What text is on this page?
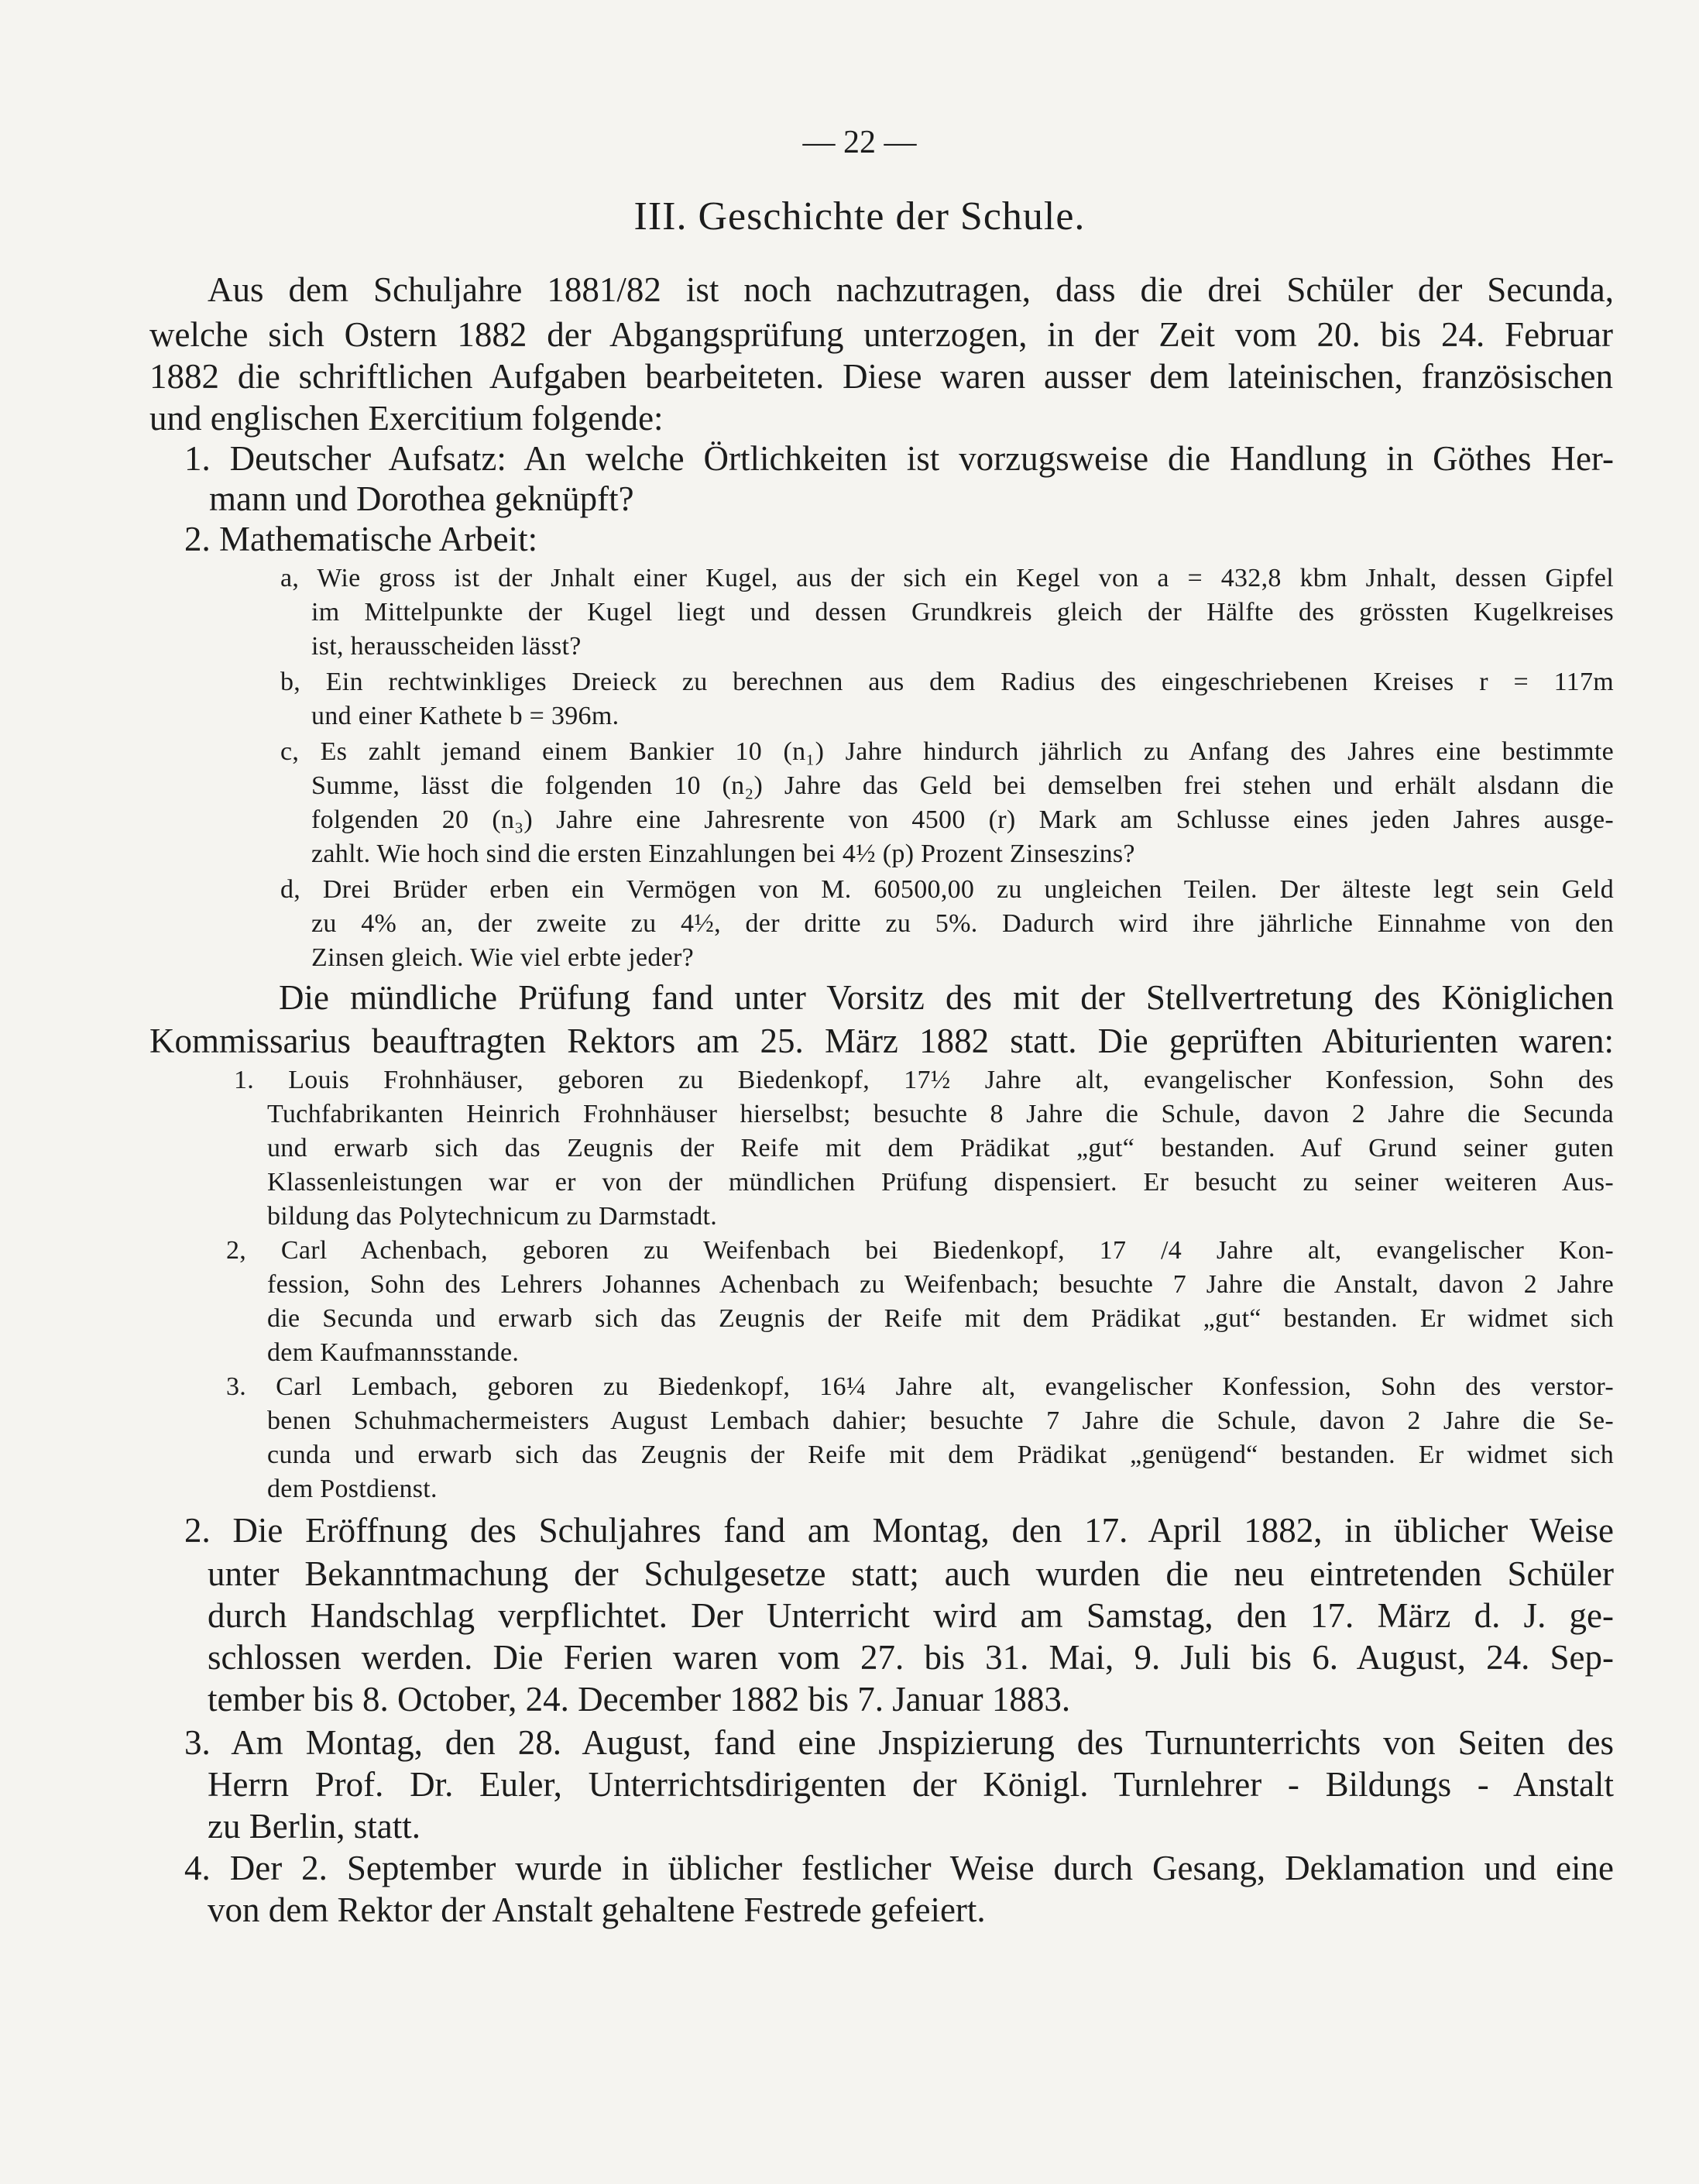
— 22 —
III. Geschichte der Schule.
Aus dem Schuljahre 1881/82 ist noch nachzutragen, dass die drei Schüler der Secunda,
welche sich Ostern 1882 der Abgangsprüfung unterzogen, in der Zeit vom 20. bis 24. Februar
1882 die schriftlichen Aufgaben bearbeiteten. Diese waren ausser dem lateinischen, französischen
und englischen Exercitium folgende:
1. Deutscher Aufsatz: An welche Örtlichkeiten ist vorzugsweise die Handlung in Göthes Her-
mann und Dorothea geknüpft?
2. Mathematische Arbeit:
a, Wie gross ist der Jnhalt einer Kugel, aus der sich ein Kegel von a = 432,8 kbm Jnhalt, dessen Gipfel
im Mittelpunkte der Kugel liegt und dessen Grundkreis gleich der Hälfte des grössten Kugelkreises
ist, herausscheiden lässt?
b, Ein rechtwinkliges Dreieck zu berechnen aus dem Radius des eingeschriebenen Kreises r = 117m
und einer Kathete b = 396m.
c, Es zahlt jemand einem Bankier 10 (n₁) Jahre hindurch jährlich zu Anfang des Jahres eine bestimmte
Summe, lässt die folgenden 10 (n₂) Jahre das Geld bei demselben frei stehen und erhält alsdann die
folgenden 20 (n₃) Jahre eine Jahresrente von 4500 (r) Mark am Schlusse eines jeden Jahres ausge-
zahlt. Wie hoch sind die ersten Einzahlungen bei 4½ (p) Prozent Zinseszins?
d, Drei Brüder erben ein Vermögen von M. 60500,00 zu ungleichen Teilen. Der älteste legt sein Geld
zu 4% an, der zweite zu 4½, der dritte zu 5%. Dadurch wird ihre jährliche Einnahme von den
Zinsen gleich. Wie viel erbte jeder?
Die mündliche Prüfung fand unter Vorsitz des mit der Stellvertretung des Königlichen
Kommissarius beauftragten Rektors am 25. März 1882 statt. Die geprüften Abiturienten waren:
1. Louis Frohnhäuser, geboren zu Biedenkopf, 17½ Jahre alt, evangelischer Konfession, Sohn des
Tuchfabrikanten Heinrich Frohnhäuser hierselbst; besuchte 8 Jahre die Schule, davon 2 Jahre die Secunda
und erwarb sich das Zeugnis der Reife mit dem Prädikat „gut“ bestanden. Auf Grund seiner guten
Klassenleistungen war er von der mündlichen Prüfung dispensiert. Er besucht zu seiner weiteren Aus-
bildung das Polytechnicum zu Darmstadt.
2, Carl Achenbach, geboren zu Weifenbach bei Biedenkopf, 17 /4 Jahre alt, evangelischer Kon-
fession, Sohn des Lehrers Johannes Achenbach zu Weifenbach; besuchte 7 Jahre die Anstalt, davon 2 Jahre
die Secunda und erwarb sich das Zeugnis der Reife mit dem Prädikat „gut“ bestanden. Er widmet sich
dem Kaufmannsstande.
3. Carl Lembach, geboren zu Biedenkopf, 16¼ Jahre alt, evangelischer Konfession, Sohn des verstor-
benen Schuhmachermeisters August Lembach dahier; besuchte 7 Jahre die Schule, davon 2 Jahre die Se-
cunda und erwarb sich das Zeugnis der Reife mit dem Prädikat „genügend“ bestanden. Er widmet sich
dem Postdienst.
2. Die Eröffnung des Schuljahres fand am Montag, den 17. April 1882, in üblicher Weise
unter Bekanntmachung der Schulgesetze statt; auch wurden die neu eintretenden Schüler
durch Handschlag verpflichtet. Der Unterricht wird am Samstag, den 17. März d. J. ge-
schlossen werden. Die Ferien waren vom 27. bis 31. Mai, 9. Juli bis 6. August, 24. Sep-
tember bis 8. October, 24. December 1882 bis 7. Januar 1883.
3. Am Montag, den 28. August, fand eine Jnspizierung des Turnunterrichts von Seiten des
Herrn Prof. Dr. Euler, Unterrichtsdirigenten der Königl. Turnlehrer - Bildungs - Anstalt
zu Berlin, statt.
4. Der 2. September wurde in üblicher festlicher Weise durch Gesang, Deklamation und eine
von dem Rektor der Anstalt gehaltene Festrede gefeiert.
